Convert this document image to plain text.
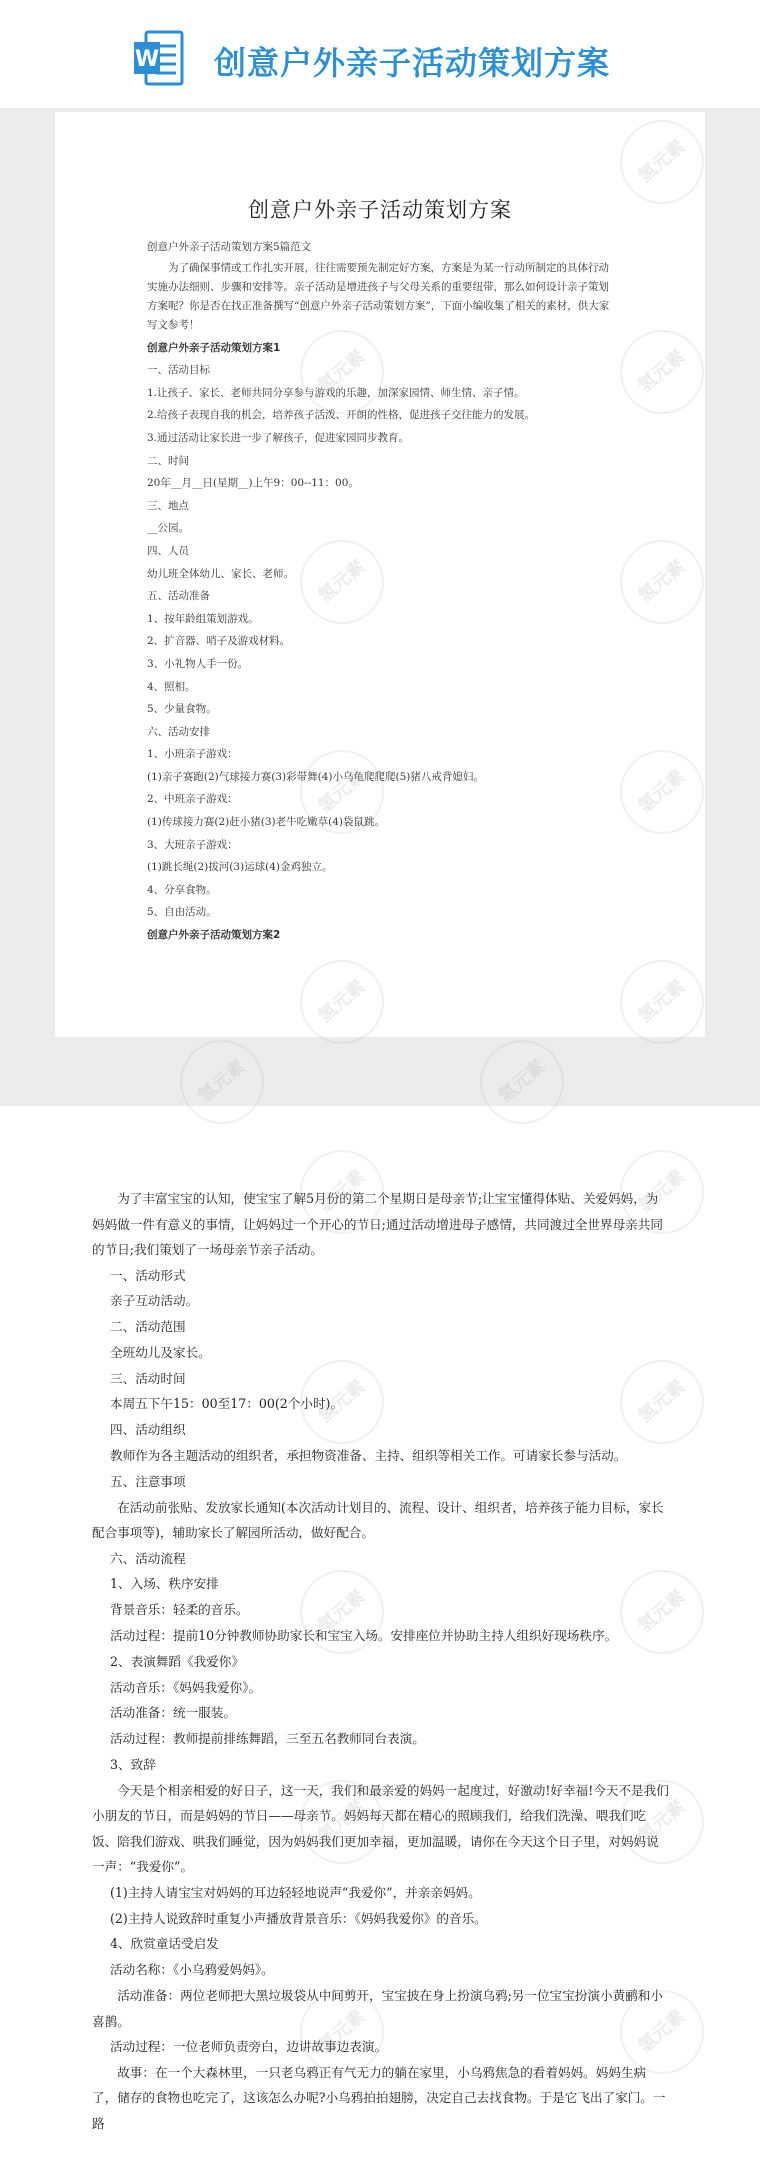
W 创意户外亲子活动策划方案
创意户外亲子活动策划方案

创意户外亲子活动策划方案5篇范文

为了确保事情或工作扎实开展，往往需要预先制定好方案，方案是为某一行动所制定的具体行动实施办法细则、步骤和安排等。亲子活动是增进孩子与父母关系的重要纽带，那么如何设计亲子策划方案呢？你是否在找正准备撰写“创意户外亲子活动策划方案”，下面小编收集了相关的素材，供大家写文参考！

创意户外亲子活动策划方案1

一、活动目标

1.让孩子、家长、老师共同分享参与游戏的乐趣，加深家园情、师生情、亲子情。

2.给孩子表现自我的机会，培养孩子活泼、开朗的性格，促进孩子交往能力的发展。

3.通过活动让家长进一步了解孩子，促进家园同步教育。

二、时间

20年__月__日(星期__)上午9：00--11：00。

三、地点

__公园。

四、人员

幼儿班全体幼儿、家长、老师。

五、活动准备

1、按年龄组策划游戏。

2、扩音器、哨子及游戏材料。

3、小礼物人手一份。

4、照相。

5、少量食物。

六、活动安排

1、小班亲子游戏：

(1)亲子赛跑(2)气球接力赛(3)彩带舞(4)小乌龟爬爬爬(5)猪八戒背媳妇。

2、中班亲子游戏：

(1)传球接力赛(2)赶小猪(3)老牛吃嫩草(4)袋鼠跳。

3、大班亲子游戏：

(1)跳长绳(2)拔河(3)运球(4)金鸡独立。

4、分享食物。

5、自由活动。

创意户外亲子活动策划方案2

为了丰富宝宝的认知，使宝宝了解5月份的第二个星期日是母亲节;让宝宝懂得体贴、关爱妈妈，为妈妈做一件有意义的事情，让妈妈过一个开心的节日;通过活动增进母子感情，共同渡过全世界母亲共同的节日;我们策划了一场母亲节亲子活动。

一、活动形式

亲子互动活动。

二、活动范围

全班幼儿及家长。

三、活动时间

本周五下午15：00至17：00(2个小时)。

四、活动组织

教师作为各主题活动的组织者，承担物资准备、主持、组织等相关工作。可请家长参与活动。

五、注意事项

在活动前张贴、发放家长通知(本次活动计划目的、流程、设计、组织者，培养孩子能力目标，家长配合事项等)，辅助家长了解园所活动，做好配合。

六、活动流程

1、入场、秩序安排

背景音乐：轻柔的音乐。

活动过程：提前10分钟教师协助家长和宝宝入场。安排座位并协助主持人组织好现场秩序。

2、表演舞蹈《我爱你》

活动音乐：《妈妈我爱你》。

活动准备：统一服装。

活动过程：教师提前排练舞蹈，三至五名教师同台表演。

3、致辞

今天是个相亲相爱的好日子，这一天，我们和最亲爱的妈妈一起度过，好激动!好幸福!今天不是我们小朋友的节日，而是妈妈的节日——母亲节。妈妈每天都在精心的照顾我们，给我们洗澡、喂我们吃饭、陪我们游戏、哄我们睡觉，因为妈妈我们更加幸福，更加温暖，请你在今天这个日子里，对妈妈说一声：“我爱你”。

(1)主持人请宝宝对妈妈的耳边轻轻地说声“我爱你”，并亲亲妈妈。

(2)主持人说致辞时重复小声播放背景音乐：《妈妈我爱你》的音乐。

4、欣赏童话受启发

活动名称：《小乌鸦爱妈妈》。

活动准备：两位老师把大黑垃圾袋从中间剪开，宝宝披在身上扮演乌鸦;另一位宝宝扮演小黄鹂和小喜鹊。

活动过程：一位老师负责旁白，边讲故事边表演。

故事：在一个大森林里，一只老乌鸦正有气无力的躺在家里，小乌鸦焦急的看着妈妈。妈妈生病了，储存的食物也吃完了，这该怎么办呢?小乌鸦拍拍翅膀，决定自己去找食物。于是它飞出了家门。一路

氢元素
氢元素	氢元素
氢元素	氢元素
氢元素	氢元素
氢元素	氢元素
氢元素
氢元素
氢元素	氢元素
氢元素	氢元素
氢元素	氢元素
氢元素	氢元素
氢元素	氢元素
